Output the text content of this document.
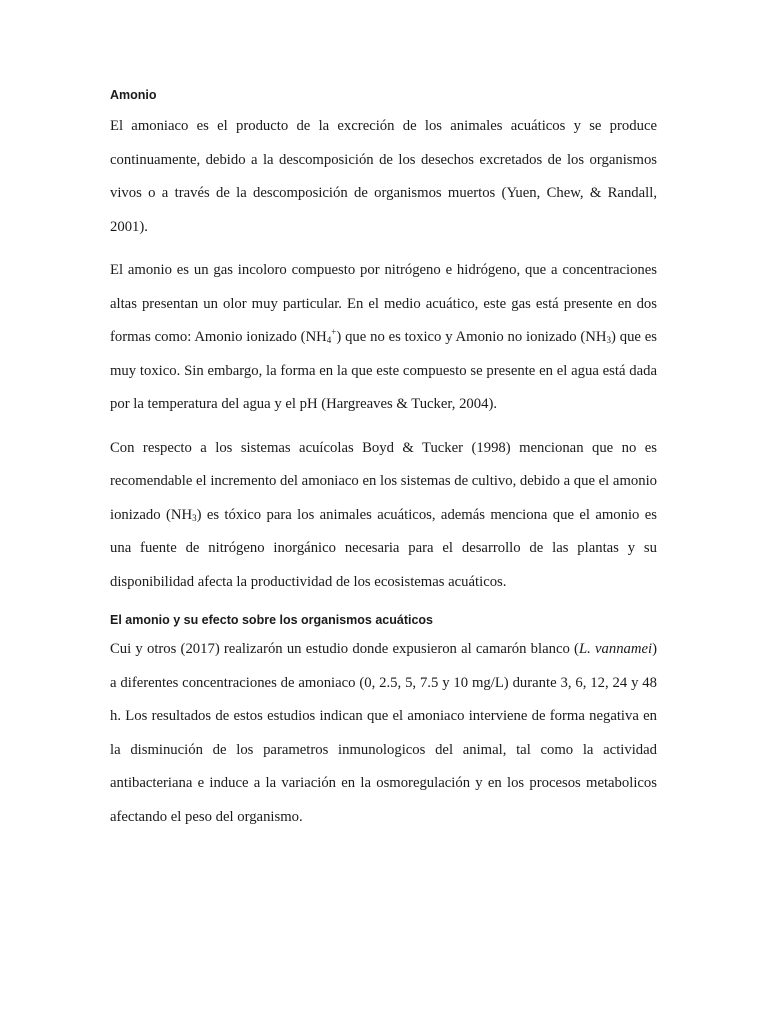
Amonio

El amoniaco es el producto de la excreción de los animales acuáticos y se produce continuamente, debido a la descomposición de los desechos excretados de los organismos vivos o a través de la descomposición de organismos muertos (Yuen, Chew, & Randall, 2001).

El amonio es un gas incoloro compuesto por nitrógeno e hidrógeno, que a concentraciones altas presentan un olor muy particular. En el medio acuático, este gas está presente en dos formas como: Amonio ionizado $(NH_4^+)$ que no es toxico y Amonio no ionizado $(NH_3)$ que es muy toxico. Sin embargo, la forma en la que este compuesto se presente en el agua está dada por la temperatura del agua y el pH (Hargreaves & Tucker, 2004).

Con respecto a los sistemas acuícolas Boyd & Tucker (1998) mencionan que no es recomendable el incremento del amoniaco en los sistemas de cultivo, debido a que el amonio ionizado $(NH_3)$ es tóxico para los animales acuáticos, además menciona que el amonio es una fuente de nitrógeno inorgánico necesaria para el desarrollo de las plantas y su disponibilidad afecta la productividad de los ecosistemas acuáticos.

El amonio y su efecto sobre los organismos acuáticos

Cui y otros (2017) realizarón un estudio donde expusieron al camarón blanco (L. vannamei) a diferentes concentraciones de amoniaco (0, 2.5, 5, 7.5 y 10 mg/L) durante 3, 6, 12, 24 y 48 h. Los resultados de estos estudios indican que el amoniaco interviene de forma negativa en la disminución de los parametros inmunologicos del animal, tal como la actividad antibacteriana e induce a la variación en la osmoregulación y en los procesos metabolicos afectando el peso del organismo.
